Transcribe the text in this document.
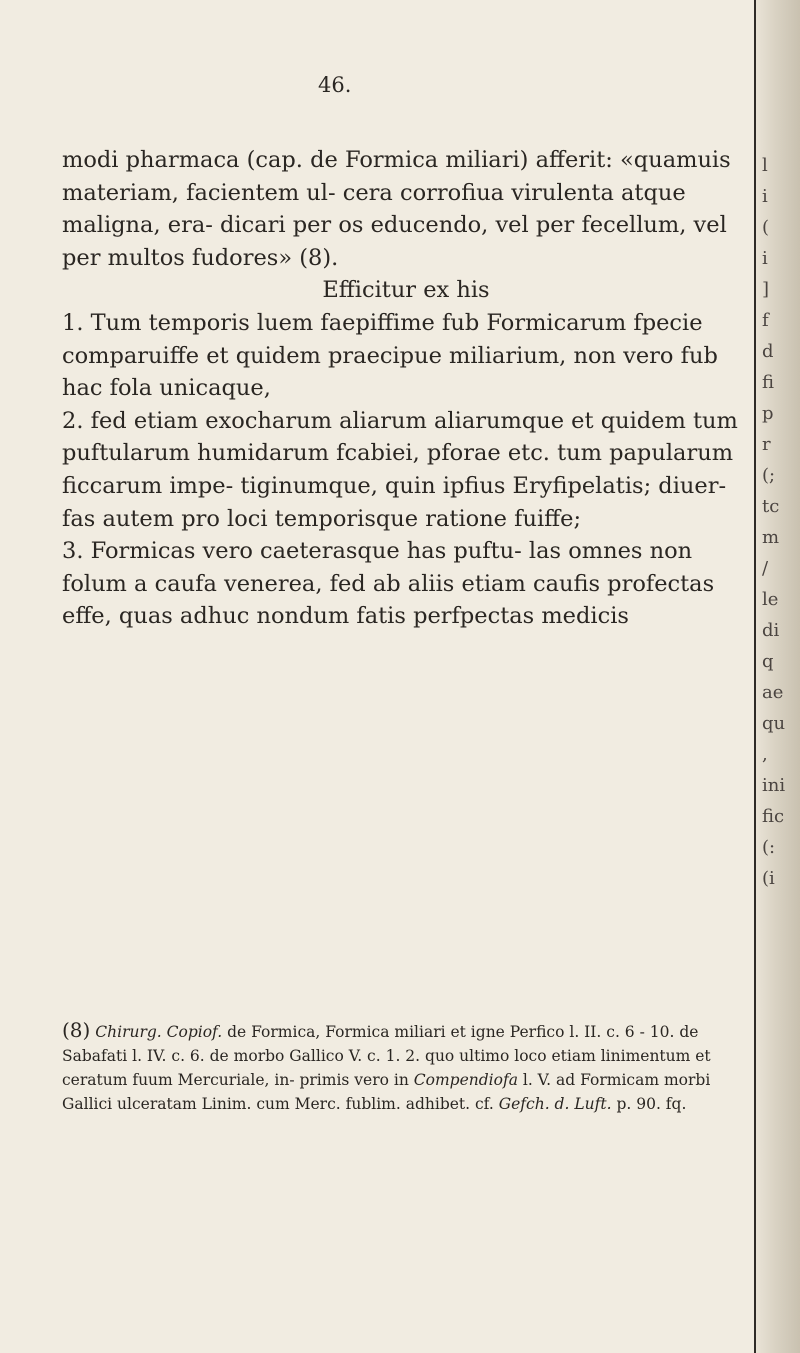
l
i
(
i
]
f
d
fi
p
r
(;
tc
m
/
le
di
q
ae
qu
,
ini
fic
(:
(i
46.

modi pharmaca (cap. de Formica miliari) afferit: «quamuis materiam, facientem ul- cera corrofiua virulenta atque maligna, era- dicari per os educendo, vel per fecellum, vel per multos fudores» (8).

Efficitur ex his

1. Tum temporis luem faepiffime fub Formicarum fpecie comparuiffe et quidem praecipue miliarium, non vero fub hac fola unicaque,

2. fed etiam exocharum aliarum aliarumque et quidem tum puftularum humidarum fcabiei, pforae etc. tum papularum ficcarum impe- tiginumque, quin ipfius Eryfipelatis; diuer- fas autem pro loci temporisque ratione fuiffe;

3. Formicas vero caeterasque has puftu- las omnes non folum a caufa venerea, fed ab aliis etiam caufis profectas effe, quas adhuc nondum fatis perfpectas medicis

(8) Chirurg. Copiof. de Formica, Formica miliari et igne Perfico l. II. c. 6 - 10. de Sabafati l. IV. c. 6. de morbo Gallico V. c. 1. 2. quo ultimo loco etiam linimentum et ceratum fuum Mercuriale, in- primis vero in Compendiofa l. V. ad Formicam morbi Gallici ulceratam Linim. cum Merc. fublim. adhibet. cf. Gefch. d. Luft. p. 90. fq.
